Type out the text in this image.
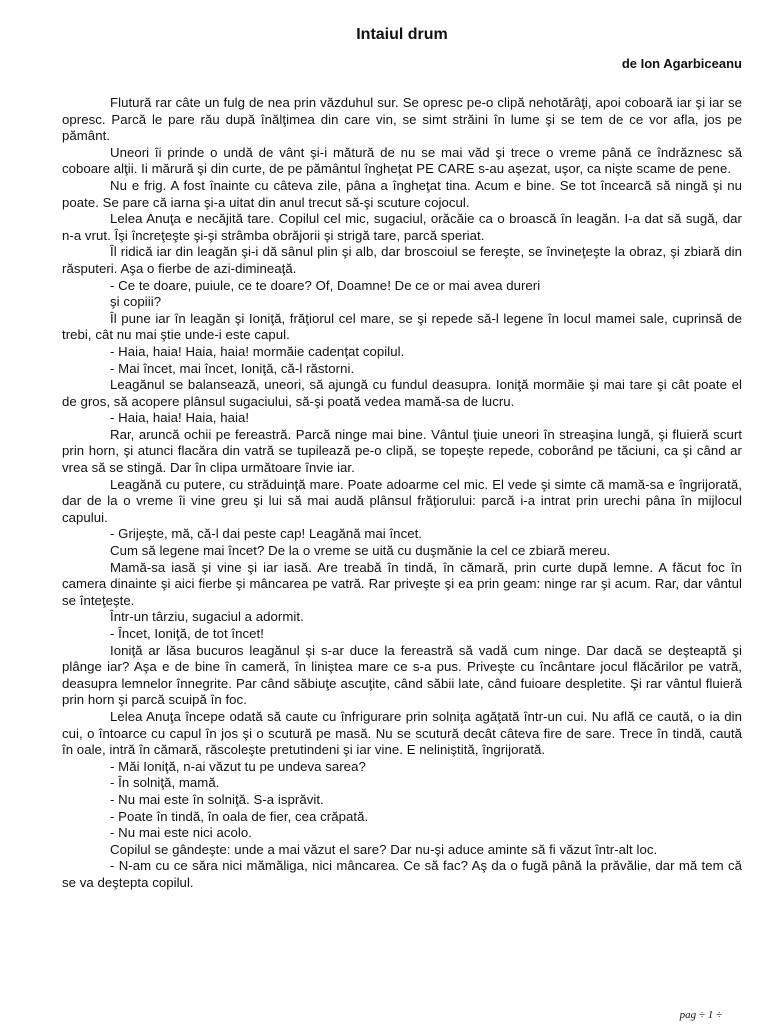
Intaiul drum
de Ion Agarbiceanu

Flutură rar câte un fulg de nea prin văzduhul sur. Se opresc pe-o clipă nehotărâţi, apoi coboară iar şi iar se opresc. Parcă le pare rău după înălţimea din care vin, se simt străini în lume şi se tem de ce vor afla, jos pe pământ.

Uneori îi prinde o undă de vânt şi-i mătură de nu se mai văd şi trece o vreme până ce îndrăznesc să coboare alţii. Ii mărură şi din curte, de pe pământul îngheţat PE CARE s-au aşezat, uşor, ca nişte scame de pene.

Nu e frig. A fost înainte cu câteva zile, pâna a îngheţat tina. Acum e bine. Se tot încearcă să ningă şi nu poate. Se pare că iarna şi-a uitat din anul trecut să-şi scuture cojocul.

Lelea Anuţa e necăjită tare. Copilul cel mic, sugaciul, orăcăie ca o broască în leagăn. I-a dat să sugă, dar n-a vrut. Îşi încreţeşte şi-şi strâmba obrăjorii şi strigă tare, parcă speriat.

Îl ridică iar din leagăn şi-i dă sânul plin şi alb, dar broscoiul se fereşte, se învineţeşte la obraz, şi zbiară din răsputeri. Aşa o fierbe de azi-dimineaţă.

- Ce te doare, puiule, ce te doare? Of, Doamne! De ce or mai avea dureri

şi copiii?

Îl pune iar în leagăn şi Ioniţă, frăţiorul cel mare, se şi repede să-l legene în locul mamei sale, cuprinsă de trebi, cât nu mai ştie unde-i este capul.

- Haia, haia! Haia, haia! mormăie cadenţat copilul.

- Mai încet, mai încet, Ioniţă, că-l răstorni.

Leagănul se balansează, uneori, să ajungă cu fundul deasupra. Ioniţă mormăie şi mai tare şi cât poate el de gros, să acopere plânsul sugaciului, să-şi poată vedea mamă-sa de lucru.

- Haia, haia! Haia, haia!

Rar, aruncă ochii pe fereastră. Parcă ninge mai bine. Vântul ţiuie uneori în streaşina lungă, şi fluieră scurt prin horn, şi atunci flacăra din vatră se tupilează pe-o clipă, se topeşte repede, coborând pe tăciuni, ca şi când ar vrea să se stingă. Dar în clipa următoare învie iar.

Leagănă cu putere, cu străduinţă mare. Poate adoarme cel mic. El vede şi simte că mamă-sa e îngrijorată, dar de la o vreme îi vine greu şi lui să mai audă plânsul frăţiorului: parcă i-a intrat prin urechi pâna în mijlocul capului.

- Grijeşte, mă, că-l dai peste cap! Leagănă mai încet.

Cum să legene mai încet? De la o vreme se uită cu duşmănie la cel ce zbiară mereu.

Mamă-sa iasă şi vine şi iar iasă. Are treabă în tindă, în cămară, prin curte după lemne. A făcut foc în camera dinainte şi aici fierbe şi mâncarea pe vatră. Rar priveşte şi ea prin geam: ninge rar şi acum. Rar, dar vântul se înteţeşte.

Într-un târziu, sugaciul a adormit.

- Încet, Ioniţă, de tot încet!

Ioniţă ar lăsa bucuros leagănul şi s-ar duce la fereastră să vadă cum ninge. Dar dacă se deşteaptă şi plânge iar? Aşa e de bine în cameră, în linişteа mare ce s-a pus. Priveşte cu încântare jocul flăcărilor pe vatră, deasupra lemnelor înnegrite. Par când săbiuţe ascuţite, când săbii late, când fuioare despletite. Şi rar vântul fluieră prin horn şi parcă scuipă în foc.

Lelea Anuţa începe odată să caute cu înfrigurare prin solniţa agăţată într-un cui. Nu află ce caută, o ia din cui, o întoarce cu capul în jos şi o scutură pe masă. Nu se scutură decât câteva fire de sare. Trece în tindă, caută în oale, intră în cămară, răscoleşte pretutindeni şi iar vine. E neliniştită, îngrijorată.

- Măi Ioniţă, n-ai văzut tu pe undeva sarea?

- În solniţă, mamă.

- Nu mai este în solniţă. S-a isprăvit.

- Poate în tindă, în oala de fier, cea crăpată.

- Nu mai este nici acolo.

Copilul se gândeşte: unde a mai văzut el sare? Dar nu-şi aduce aminte să fi văzut într-alt loc.

- N-am cu ce săra nici mămăliga, nici mâncarea. Ce să fac? Aş da o fugă până la prăvălie, dar mă tem că se va deştepta copilul.

pag ÷ 1 ÷
